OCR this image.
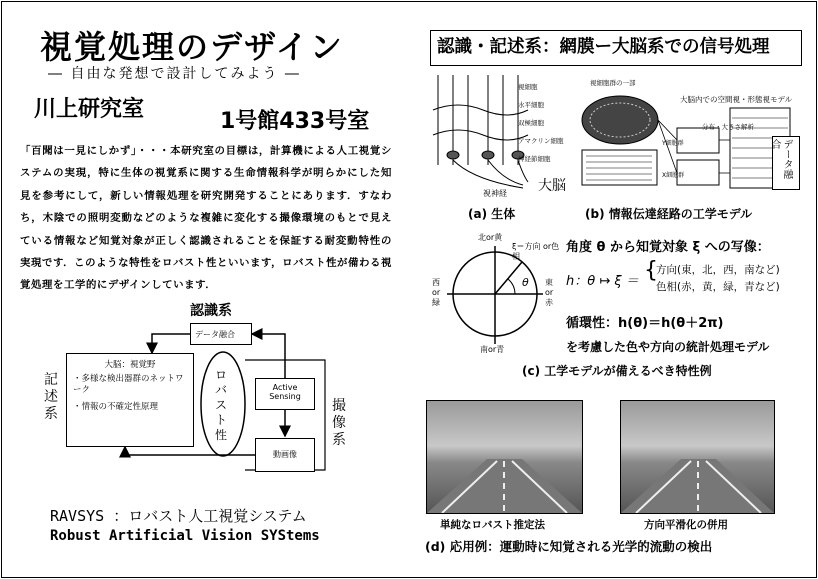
視覚処理のデザイン
― 自由な発想で設計してみよう ―
川上研究室	1号館433号室
「百聞は一見にしかず」・・・本研究室の目標は，計算機による人工視覚システムの実現，特に生体の視覚系に関する生命情報科学が明らかにした知見を参考にして，新しい情報処理を研究開発することにあります．すなわち，木陰での照明変動などのような複雑に変化する撮像環境のもとで見えている情報など知覚対象が正しく認識されることを保証する耐変動特性の実現です．このような特性をロバスト性といいます，ロバスト性が備わる視覚処理を工学的にデザインしています．
認識系
データ融合
記述系
大脳：視覚野
・多様な検出器群のネットワーク
・情報の不確定性原理
ロバスト性
Active Sensing
撮像系
動画像
RAVSYS ：ロバスト人工視覚システム
Robust Artificial Vision SYStems
認識・記述系：網膜ー大脳系での信号処理
視細胞
水平細胞
双極細胞
アマクリン細胞
神経節細胞
視神経 大脳
(a) 生体
視細胞群の一部
大脳内での空間視・形態視モデル
分布・大きさ解析
Y細胞群
X細胞群	データ融合
(b) 情報伝達経路の工学モデル
北or黄
ξ＝方向 or色相
西 or 緑
東 or 赤
θ
南or青
角度 θ から知覚対象 ξ への写像：
h：θ ↦ ξ ＝ {
方向(東，北，西，南など)
色相(赤，黄，緑，青など)
循環性：h(θ)＝h(θ＋2π)
を考慮した色や方向の統計処理モデル
(c) 工学モデルが備えるべき特性例
単純なロバスト推定法	方向平滑化の併用
(d) 応用例：運動時に知覚される光学的流動の検出
